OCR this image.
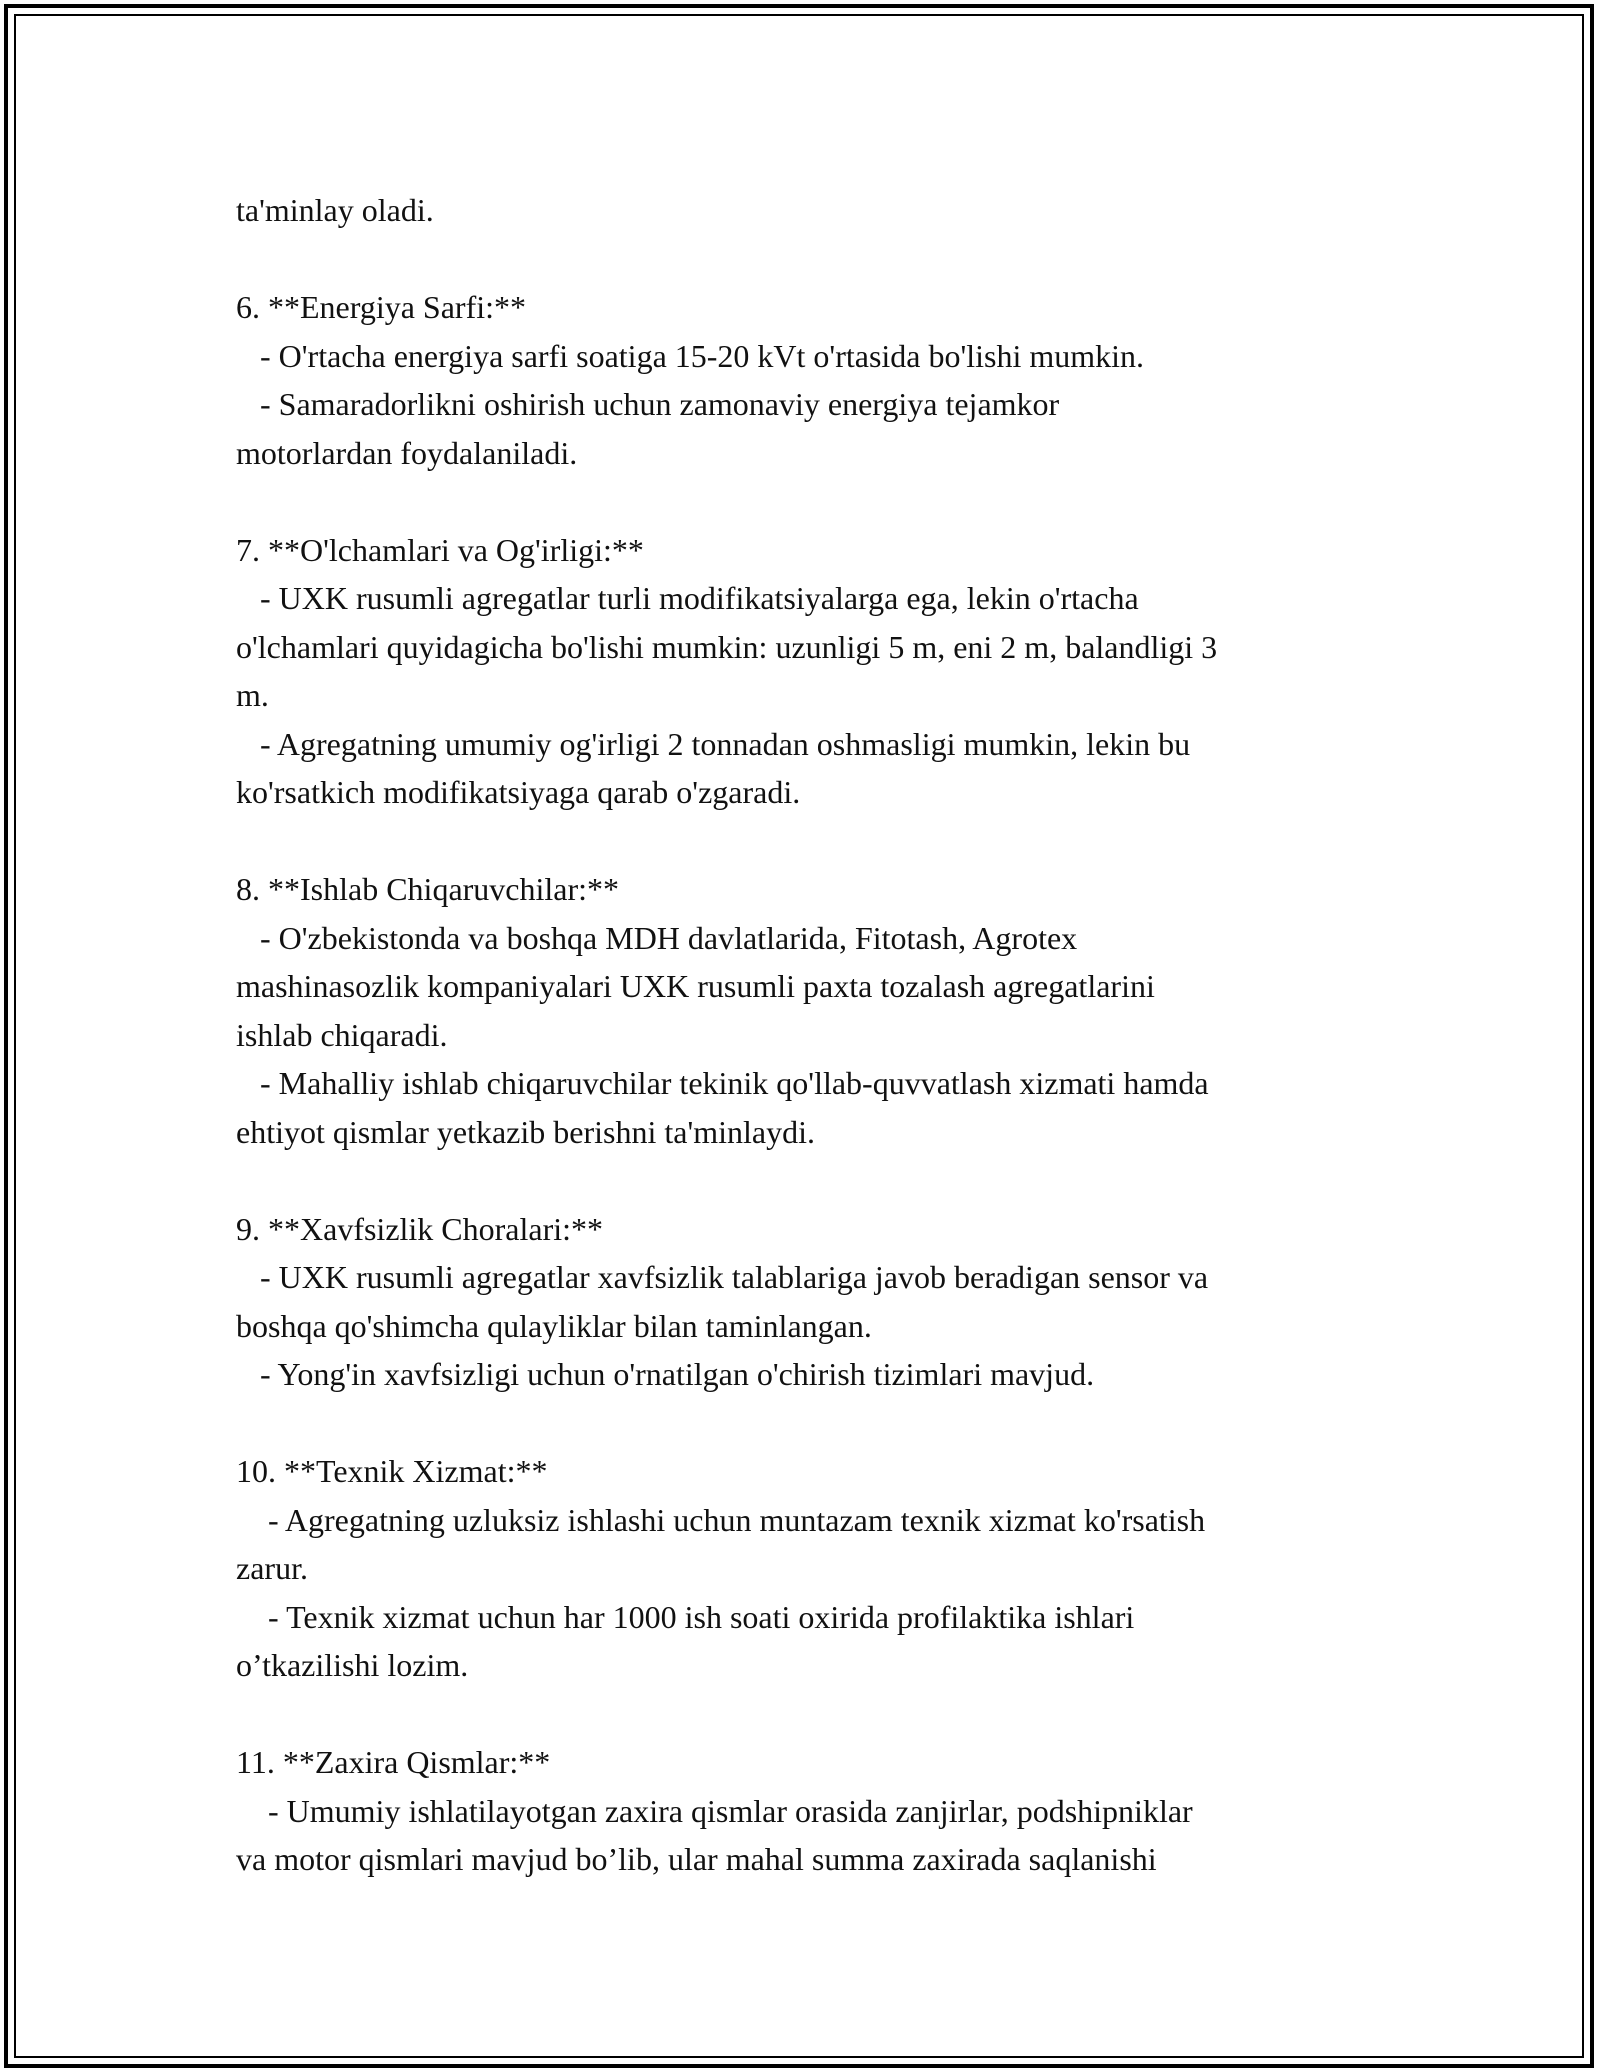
ta'minlay oladi.
6. **Energiya Sarfi:**
- O'rtacha energiya sarfi soatiga 15-20 kVt o'rtasida bo'lishi mumkin.
- Samaradorlikni oshirish uchun zamonaviy energiya tejamkor
motorlardan foydalaniladi.
7. **O'lchamlari va Og'irligi:**
- UXK rusumli agregatlar turli modifikatsiyalarga ega, lekin o'rtacha
o'lchamlari quyidagicha bo'lishi mumkin: uzunligi 5 m, eni 2 m, balandligi 3
m.
- Agregatning umumiy og'irligi 2 tonnadan oshmasligi mumkin, lekin bu
ko'rsatkich modifikatsiyaga qarab o'zgaradi.
8. **Ishlab Chiqaruvchilar:**
- O'zbekistonda va boshqa MDH davlatlarida, Fitotash, Agrotex
mashinasozlik kompaniyalari UXK rusumli paxta tozalash agregatlarini
ishlab chiqaradi.
- Mahalliy ishlab chiqaruvchilar tekinik qo'llab-quvvatlash xizmati hamda
ehtiyot qismlar yetkazib berishni ta'minlaydi.
9. **Xavfsizlik Choralari:**
- UXK rusumli agregatlar xavfsizlik talablariga javob beradigan sensor va
boshqa qo'shimcha qulayliklar bilan taminlangan.
- Yong'in xavfsizligi uchun o'rnatilgan o'chirish tizimlari mavjud.
10. **Texnik Xizmat:**
- Agregatning uzluksiz ishlashi uchun muntazam texnik xizmat ko'rsatish
zarur.
- Texnik xizmat uchun har 1000 ish soati oxirida profilaktika ishlari
o’tkazilishi lozim.
11. **Zaxira Qismlar:**
- Umumiy ishlatilayotgan zaxira qismlar orasida zanjirlar, podshipniklar
va motor qismlari mavjud bo’lib, ular mahal summa zaxirada saqlanishi
